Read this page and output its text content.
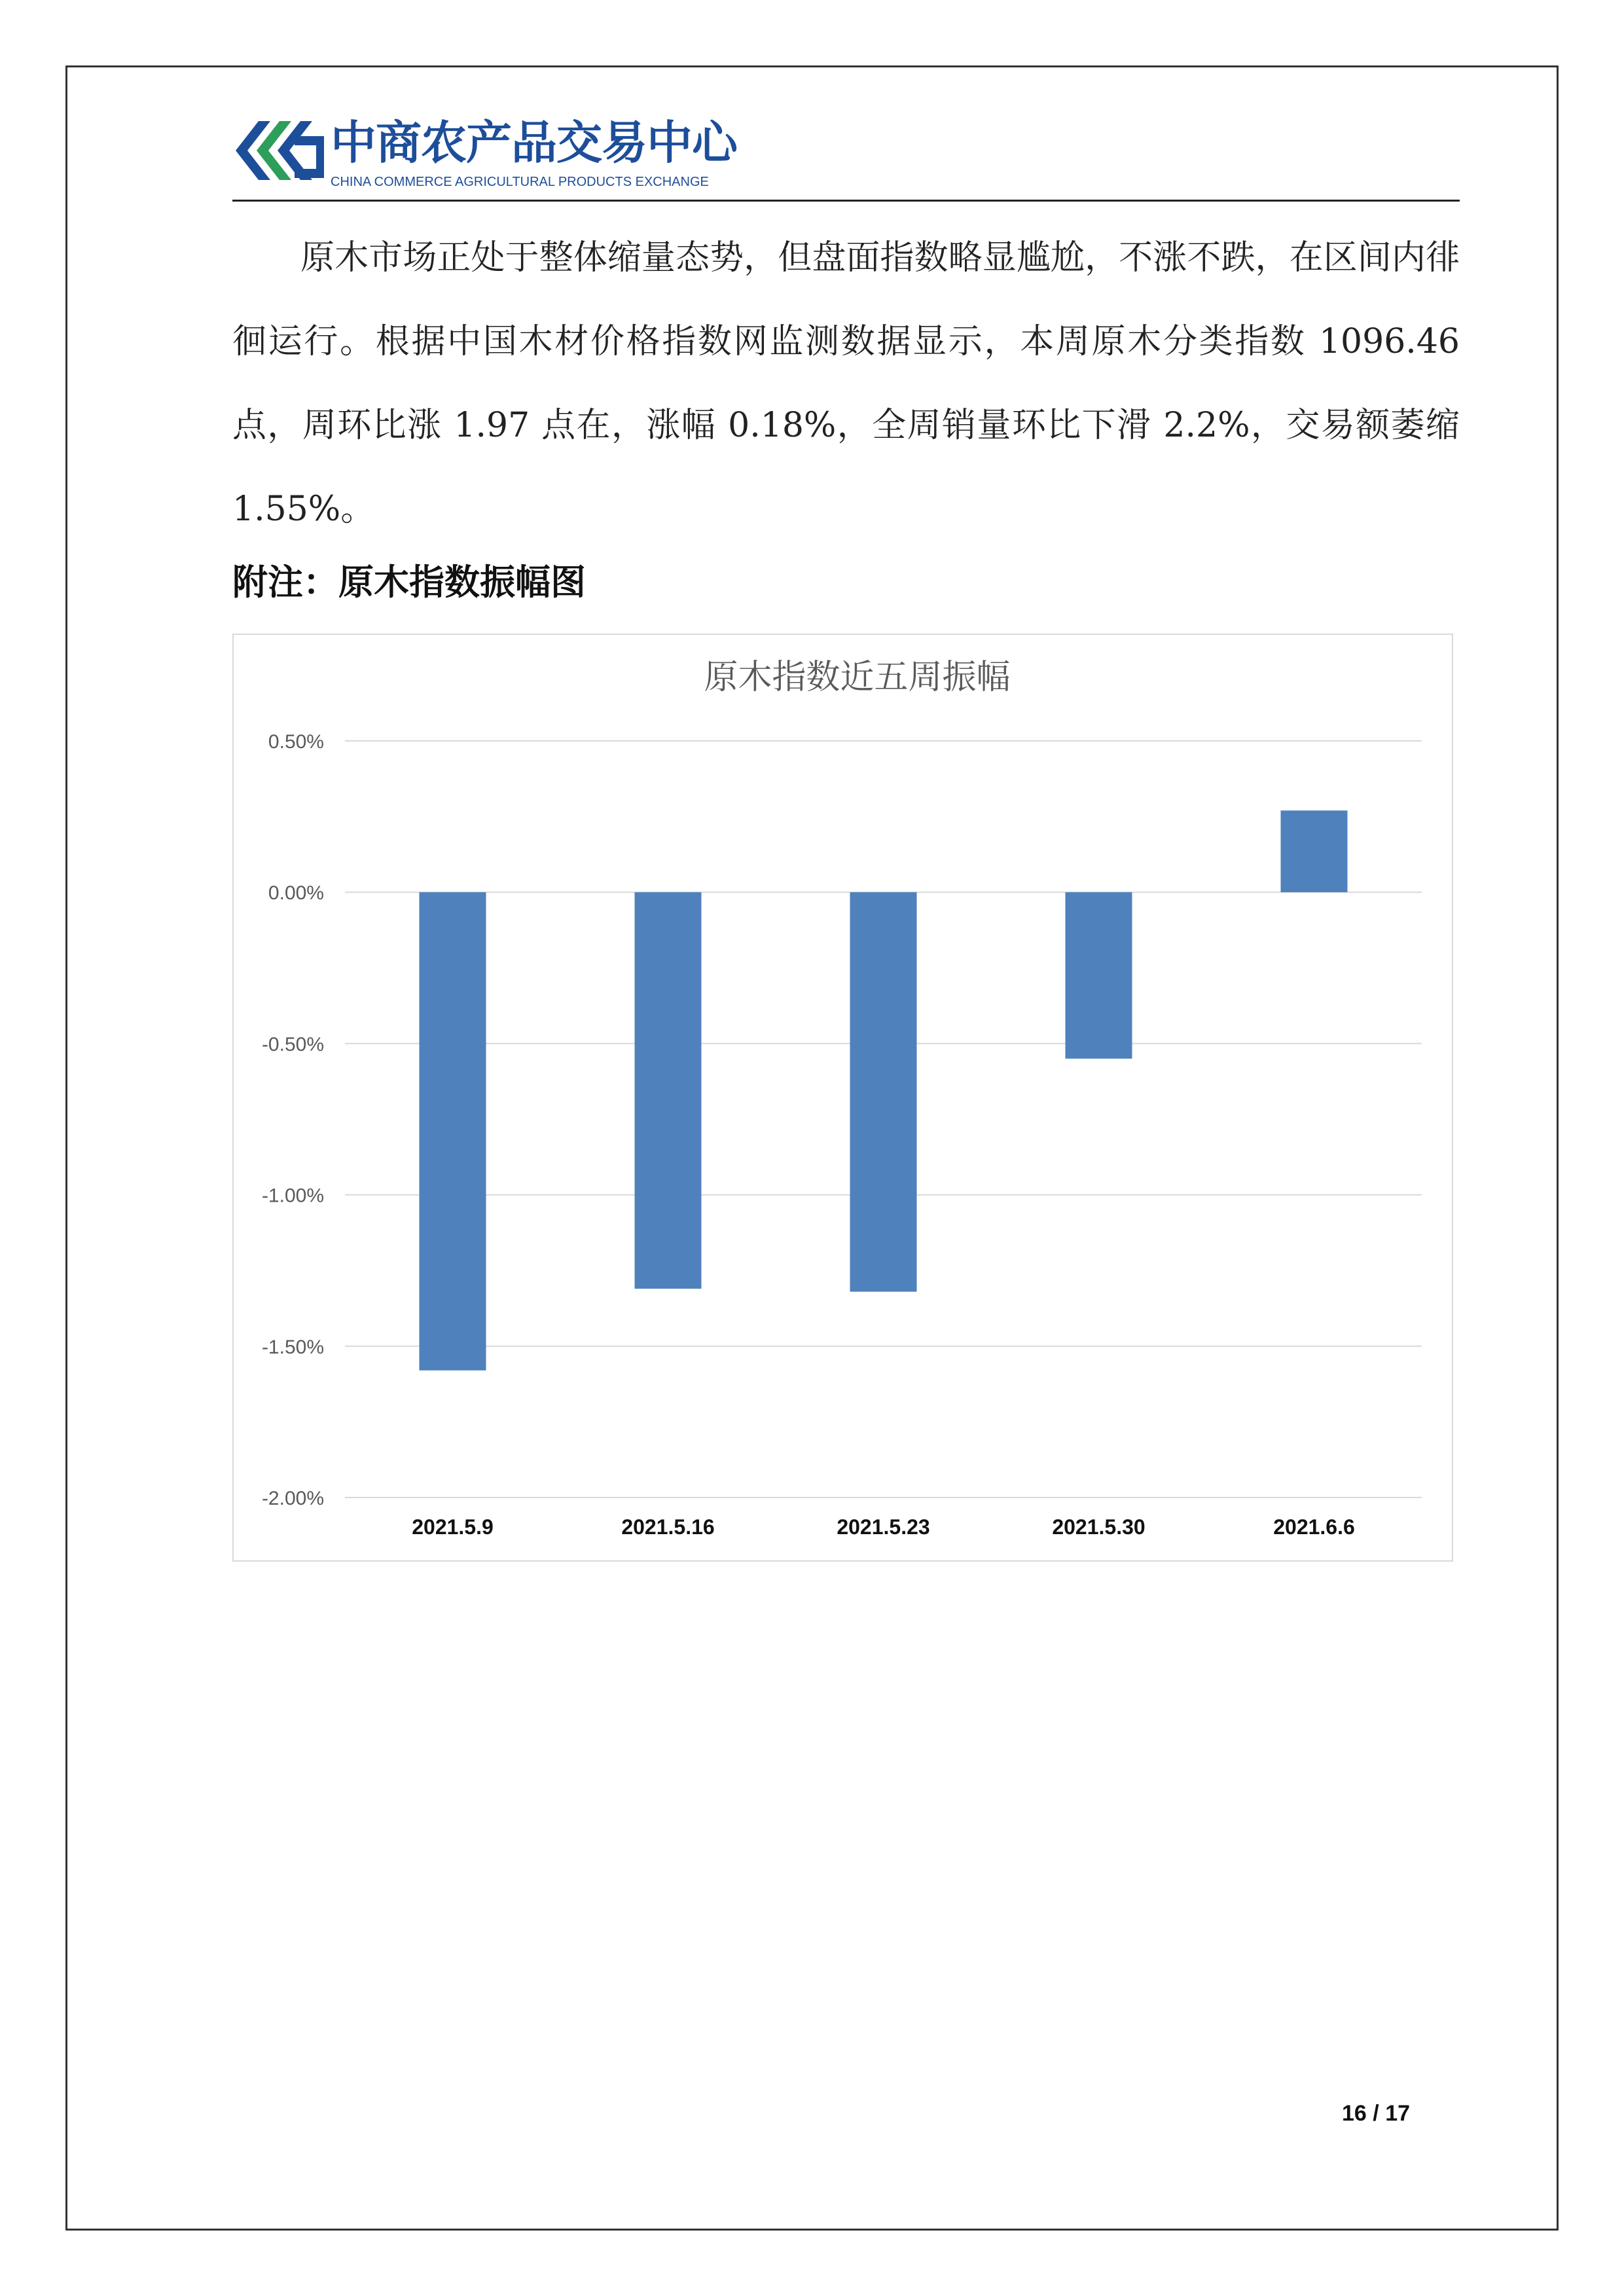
中商农产品交易中心
CHINA COMMERCE AGRICULTURAL PRODUCTS EXCHANGE

原木市场正处于整体缩量态势，但盘面指数略显尴尬，不涨不跌，在区间内徘徊运行。根据中国木材价格指数网监测数据显示，本周原木分类指数 1096.46 点，周环比涨 1.97 点在，涨幅 0.18%，全周销量环比下滑 2.2%，交易额萎缩 1.55%。

附注：原木指数振幅图
原木指数近五周振幅
0.50%
0.00%
-0.50%
-1.00%
-1.50%
-2.00%
2021.5.9	2021.5.16	2021.5.23	2021.5.30	2021.6.6
16 / 17
